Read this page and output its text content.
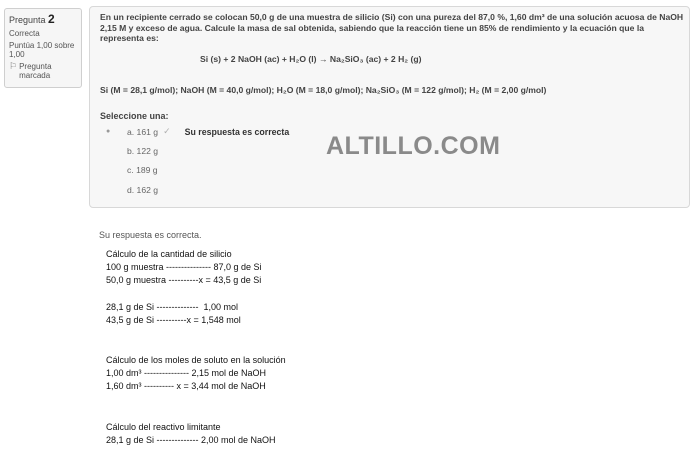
Pregunta 2
Correcta
Puntúa 1,00 sobre 1,00
⚐ Pregunta marcada
En un recipiente cerrado se colocan 50,0 g de una muestra de silicio (Si) con una pureza del 87,0 %, 1,60 dm³ de una solución acuosa de NaOH 2,15 M y exceso de agua. Calcule la masa de sal obtenida, sabiendo que la reacción tiene un 85% de rendimiento y la ecuación que la representa es:
Si (s) + 2 NaOH (ac) + H₂O (l) → Na₂SiO₃ (ac) + 2 H₂ (g)
Si (M = 28,1 g/mol); NaOH (M = 40,0 g/mol); H₂O (M = 18,0 g/mol); Na₂SiO₃ (M = 122 g/mol); H₂ (M = 2,00 g/mol)
Seleccione una:
●	a. 161 g ✓ Su respuesta es correcta
b. 122 g
c. 189 g
d. 162 g
ALTILLO.COM
Su respuesta es correcta.
Cálculo de la cantidad de silicio
100 g muestra --------------- 87,0 g de Si
50,0 g muestra ----------x = 43,5 g de Si
28,1 g de Si --------------  1,00 mol
43,5 g de Si ----------x = 1,548 mol
Cálculo de los moles de soluto en la solución
1,00 dm³ --------------- 2,15 mol de NaOH
1,60 dm³ ---------- x = 3,44 mol de NaOH
Cálculo del reactivo limitante
28,1 g de Si -------------- 2,00 mol de NaOH
